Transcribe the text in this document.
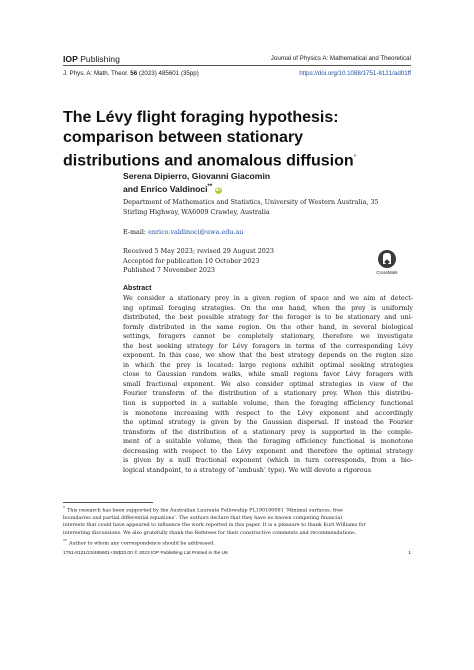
IOP Publishing	Journal of Physics A: Mathematical and Theoretical
J. Phys. A: Math. Theor. 56 (2023) 485601 (35pp)	https://doi.org/10.1088/1751-8121/ad01ff
The Lévy flight foraging hypothesis:
comparison between stationary
distributions and anomalous diffusion*
Serena Dipierro, Giovanni Giacomin
and Enrico Valdinoci** iD
Department of Mathematics and Statistics, University of Western Australia, 35
Stirling Highway, WA6009 Crawley, Australia
E-mail: enrico.valdinoci@uwa.edu.au
Received 5 May 2023; revised 29 August 2023
Accepted for publication 10 October 2023
Published 7 November 2023	CrossMark
Abstract
We consider a stationary prey in a given region of space and we aim at detect-
ing optimal foraging strategies. On the one hand, when the prey is uniformly
distributed, the best possible strategy for the forager is to be stationary and uni-
formly distributed in the same region. On the other hand, in several biological
settings, foragers cannot be completely stationary, therefore we investigate
the best seeking strategy for Lévy foragers in terms of the corresponding Lévy
exponent. In this case, we show that the best strategy depends on the region size
in which the prey is located: large regions exhibit optimal seeking strategies
close to Gaussian random walks, while small regions favor Lévy foragers with
small fractional exponent. We also consider optimal strategies in view of the
Fourier transform of the distribution of a stationary prey. When this distribu-
tion is supported in a suitable volume, then the foraging efficiency functional
is monotone increasing with respect to the Lévy exponent and accordingly
the optimal strategy is given by the Gaussian dispersal. If instead the Fourier
transform of the distribution of a stationary prey is supported in the comple-
ment of a suitable volume, then the foraging efficiency functional is monotone
decreasing with respect to the Lévy exponent and therefore the optimal strategy
is given by a null fractional exponent (which in turn corresponds, from a bio-
logical standpoint, to a strategy of ‘ambush’ type). We will devote a rigorous
*This research has been supported by the Australian Laureate Fellowship FL190100081 ‘Minimal surfaces, free
boundaries and partial differential equations’. The authors declare that they have no known competing financial
interests that could have appeared to influence the work reported in this paper. It is a pleasure to thank Kurt Williams for
interesting discussions. We also gratefully thank the Referees for their constructive comments and recommendations.
**Author to whom any correspondence should be addressed.
1751-8121/23/485601+35$33.00 © 2023 IOP Publishing Ltd Printed in the UK	1
